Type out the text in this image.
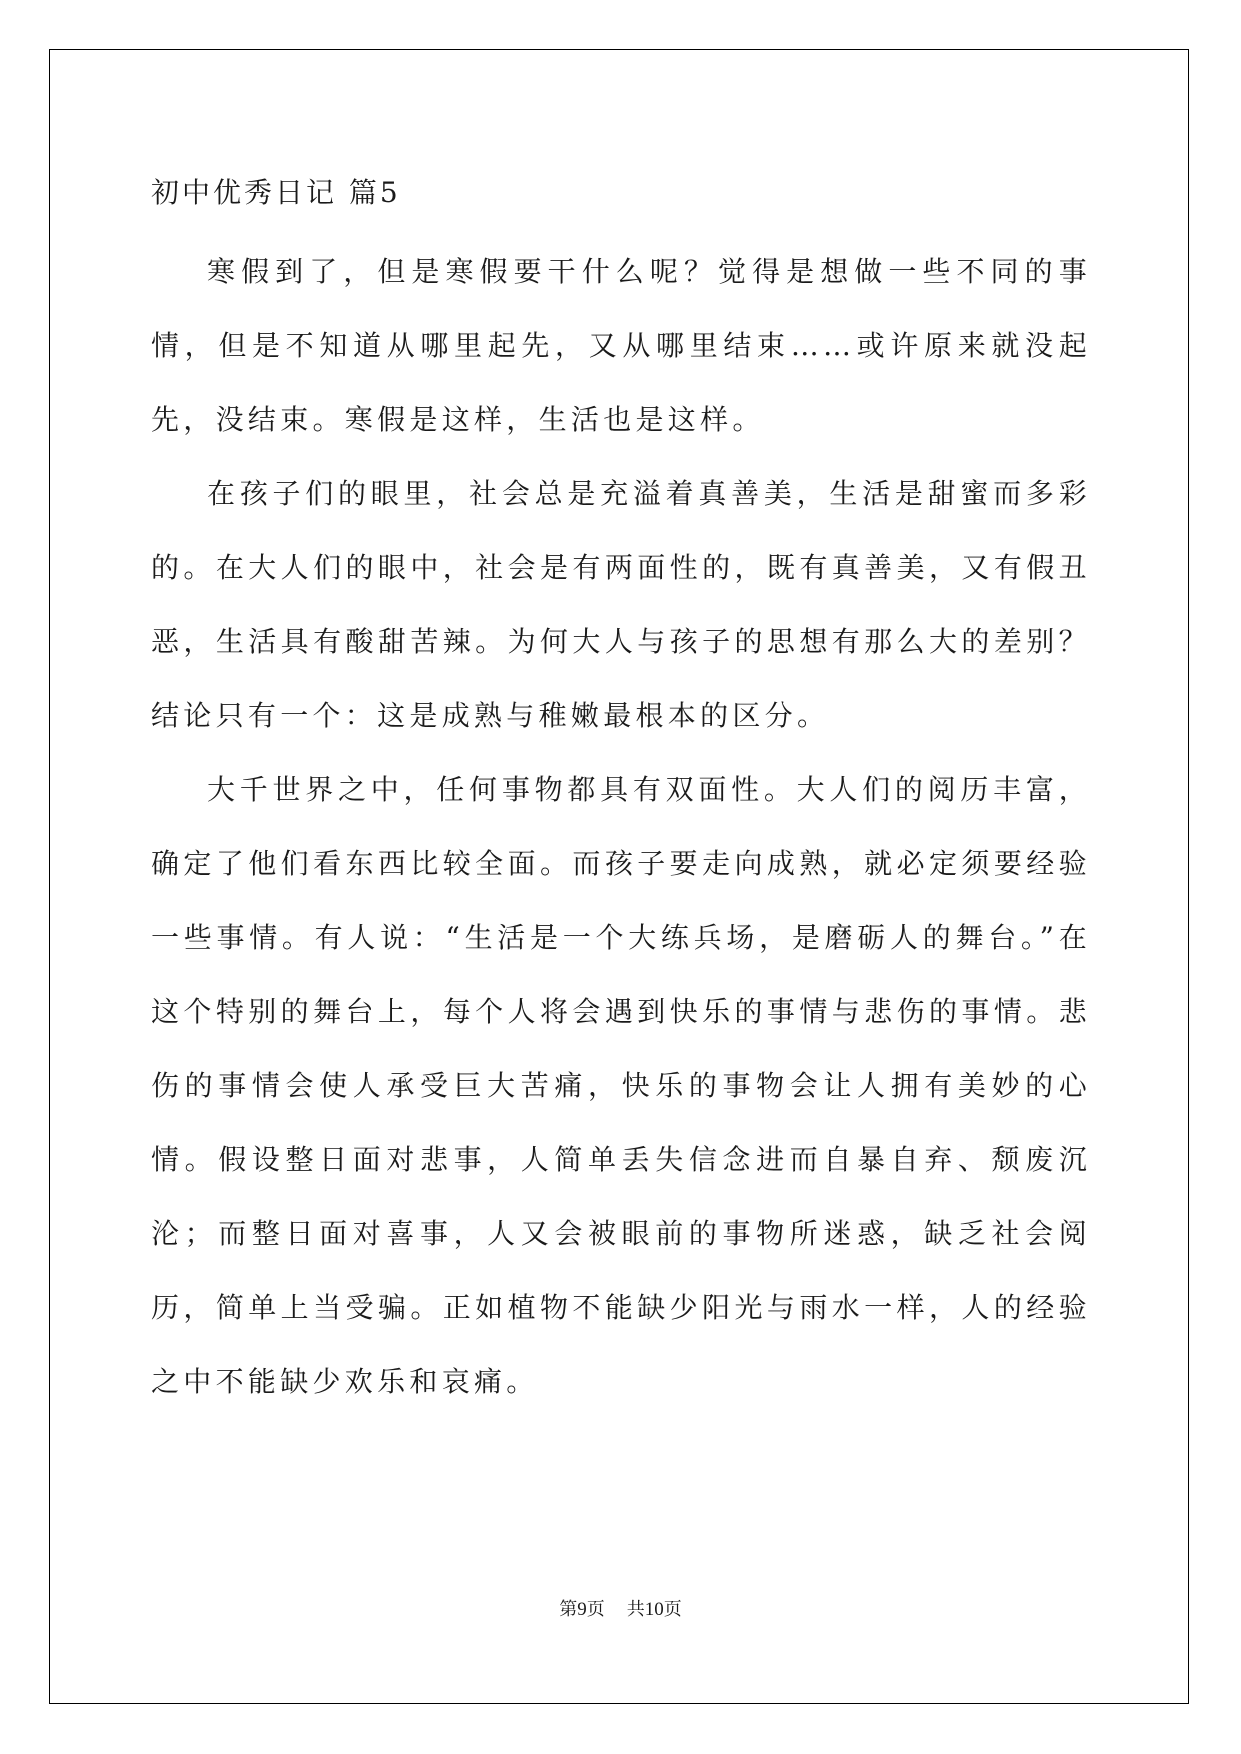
初中优秀日记 篇5

寒假到了，但是寒假要干什么呢？觉得是想做一些不同的事情，但是不知道从哪里起先，又从哪里结束……或许原来就没起先，没结束。寒假是这样，生活也是这样。

在孩子们的眼里，社会总是充溢着真善美，生活是甜蜜而多彩的。在大人们的眼中，社会是有两面性的，既有真善美，又有假丑恶，生活具有酸甜苦辣。为何大人与孩子的思想有那么大的差别？结论只有一个：这是成熟与稚嫩最根本的区分。

大千世界之中，任何事物都具有双面性。大人们的阅历丰富，确定了他们看东西比较全面。而孩子要走向成熟，就必定须要经验一些事情。有人说：“生活是一个大练兵场，是磨砺人的舞台。”在这个特别的舞台上，每个人将会遇到快乐的事情与悲伤的事情。悲伤的事情会使人承受巨大苦痛，快乐的事物会让人拥有美妙的心情。假设整日面对悲事，人简单丢失信念进而自暴自弃、颓废沉沦；而整日面对喜事，人又会被眼前的事物所迷惑，缺乏社会阅历，简单上当受骗。正如植物不能缺少阳光与雨水一样，人的经验之中不能缺少欢乐和哀痛。

第9页 共10页
